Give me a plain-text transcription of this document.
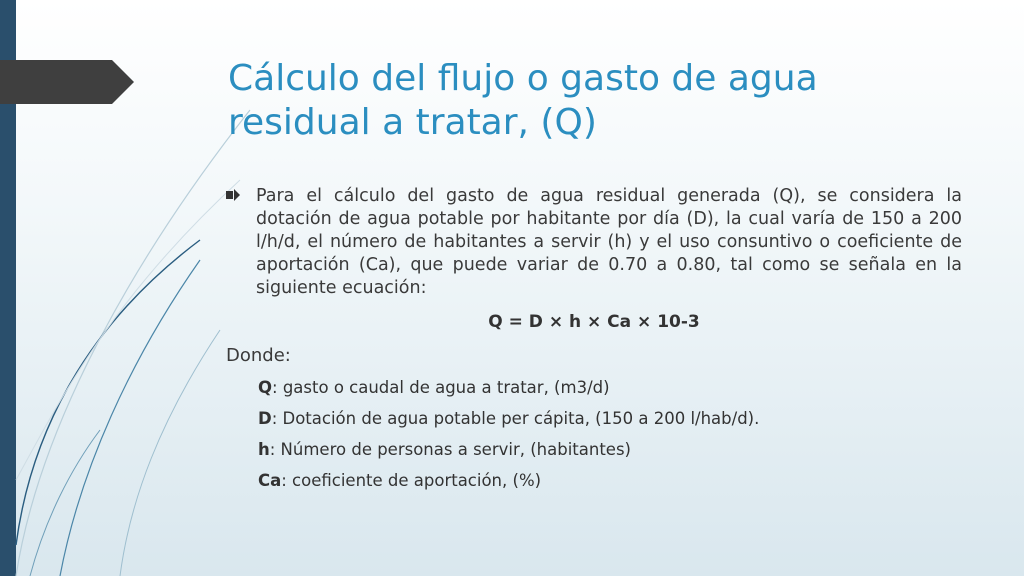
Cálculo del flujo o gasto de agua residual a tratar, (Q)
Para el cálculo del gasto de agua residual generada (Q), se considera la dotación de agua potable por habitante por día (D), la cual varía de 150 a 200 l/h/d, el número de habitantes a servir (h) y el uso consuntivo o coeficiente de aportación (Ca), que puede variar de 0.70 a 0.80, tal como se señala en la siguiente ecuación:
Q = D × h × Ca × 10-3
Donde:
Q: gasto o caudal de agua a tratar, (m3/d)
D: Dotación de agua potable per cápita, (150 a 200 l/hab/d).
h: Número de personas a servir, (habitantes)
Ca: coeficiente de aportación, (%)
